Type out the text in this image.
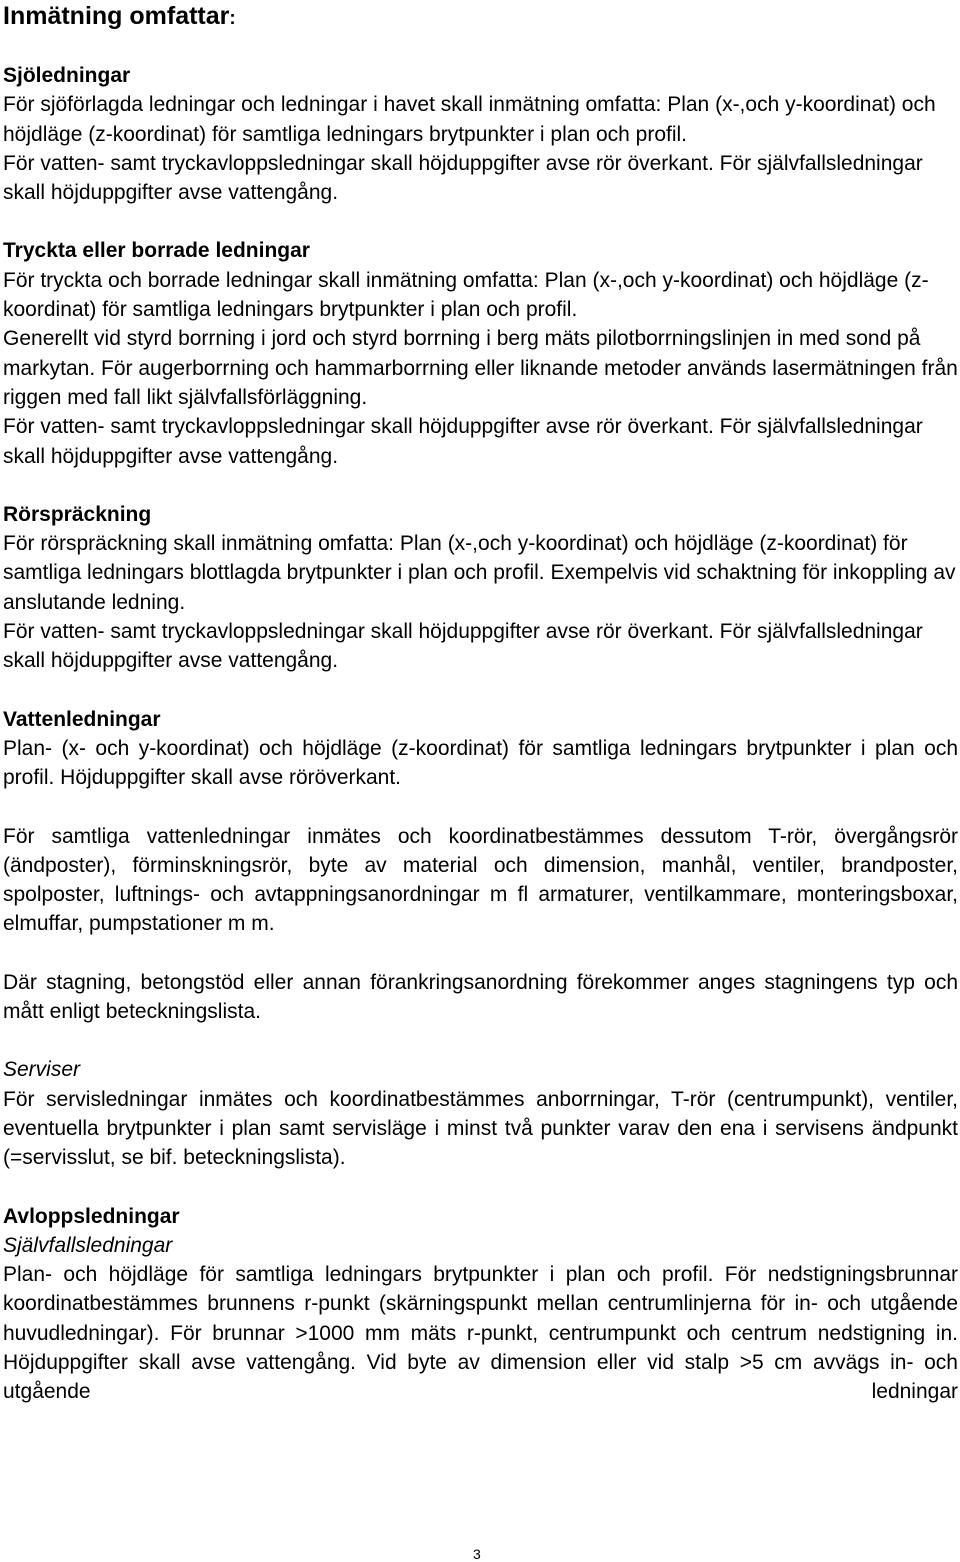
Inmätning omfattar:

Sjöledningar

För sjöförlagda ledningar och ledningar i havet skall inmätning omfatta: Plan (x-,och y-koordinat) och höjdläge (z-koordinat) för samtliga ledningars brytpunkter i plan och profil.

För vatten- samt tryckavloppsledningar skall höjduppgifter avse rör överkant. För självfallsledningar skall höjduppgifter avse vattengång.

Tryckta eller borrade ledningar

För tryckta och borrade ledningar skall inmätning omfatta: Plan (x-,och y-koordinat) och höjdläge (z-koordinat) för samtliga ledningars brytpunkter i plan och profil.

Generellt vid styrd borrning i jord och styrd borrning i berg mäts pilotborrningslinjen in med sond på markytan. För augerborrning och hammarborrning eller liknande metoder används lasermätningen från riggen med fall likt självfallsförläggning.

För vatten- samt tryckavloppsledningar skall höjduppgifter avse rör överkant. För självfallsledningar skall höjduppgifter avse vattengång.

Rörspräckning

För rörspräckning skall inmätning omfatta: Plan (x-,och y-koordinat) och höjdläge (z-koordinat) för samtliga ledningars blottlagda brytpunkter i plan och profil. Exempelvis vid schaktning för inkoppling av anslutande ledning.

För vatten- samt tryckavloppsledningar skall höjduppgifter avse rör överkant. För självfallsledningar skall höjduppgifter avse vattengång.

Vattenledningar

Plan- (x- och y-koordinat) och höjdläge (z-koordinat) för samtliga ledningars brytpunkter i plan och profil. Höjduppgifter skall avse röröverkant.

För samtliga vattenledningar inmätes och koordinatbestämmes dessutom T-rör, övergångsrör (ändposter), förminskningsrör, byte av material och dimension, manhål, ventiler, brandposter, spolposter, luftnings- och avtappningsanordningar m fl armaturer, ventilkammare, monteringsboxar, elmuffar, pumpstationer m m.

Där stagning, betongstöd eller annan förankringsanordning förekommer anges stagningens typ och mått enligt beteckningslista.

Serviser

För servisledningar inmätes och koordinatbestämmes anborrningar, T-rör (centrumpunkt), ventiler, eventuella brytpunkter i plan samt servisläge i minst två punkter varav den ena i servisens ändpunkt (=servisslut, se bif. beteckningslista).

Avloppsledningar

Självfallsledningar

Plan- och höjdläge för samtliga ledningars brytpunkter i plan och profil. För nedstigningsbrunnar koordinatbestämmes brunnens r-punkt (skärningspunkt mellan centrumlinjerna för in- och utgående huvudledningar). För brunnar >1000 mm mäts r-punkt, centrumpunkt och centrum nedstigning in. Höjduppgifter skall avse vattengång. Vid byte av dimension eller vid stalp >5 cm avvägs in- och utgående ledningar

3
